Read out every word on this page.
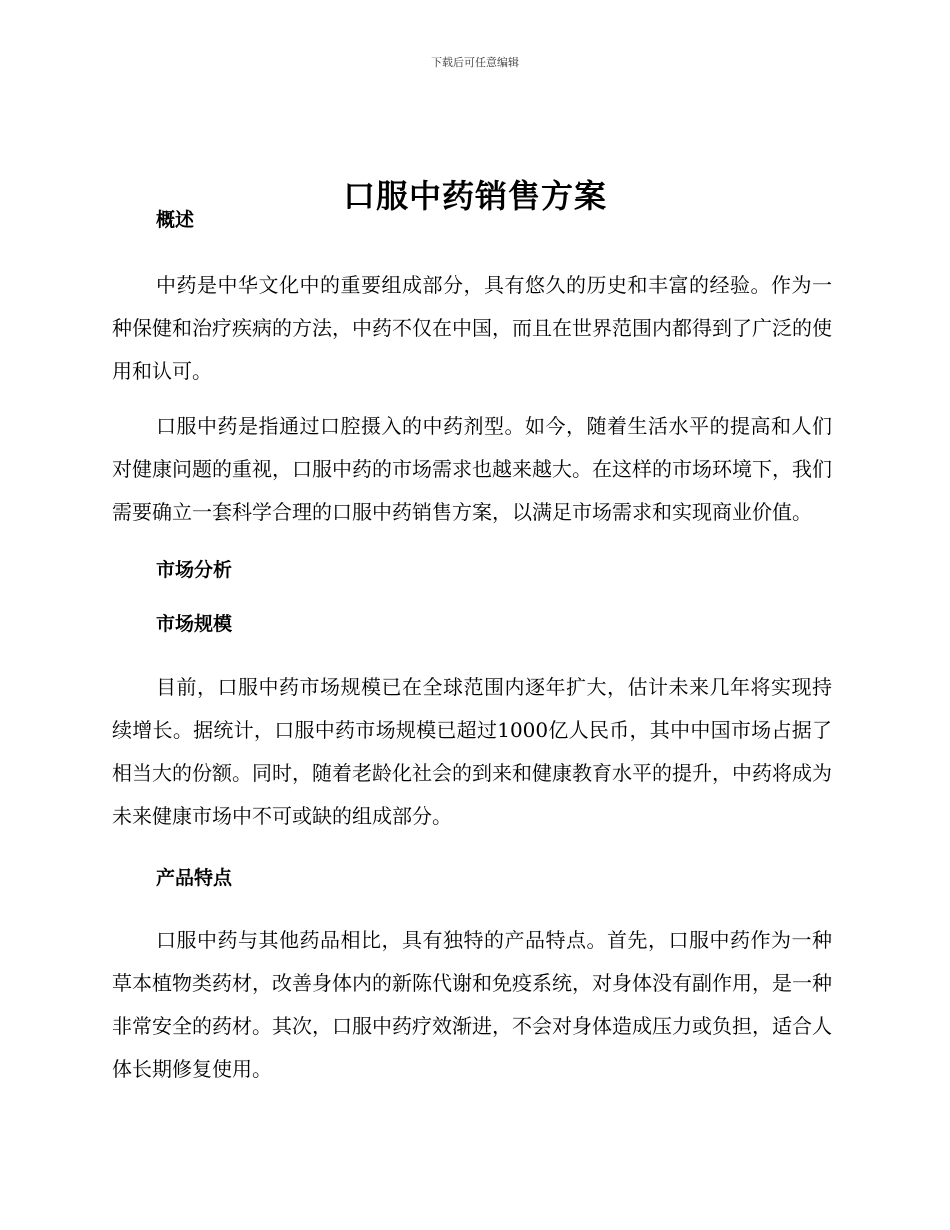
下载后可任意编辑
口服中药销售方案
概述

中药是中华文化中的重要组成部分，具有悠久的历史和丰富的经验。作为一种保健和治疗疾病的方法，中药不仅在中国，而且在世界范围内都得到了广泛的使用和认可。

口服中药是指通过口腔摄入的中药剂型。如今，随着生活水平的提高和人们对健康问题的重视，口服中药的市场需求也越来越大。在这样的市场环境下，我们需要确立一套科学合理的口服中药销售方案，以满足市场需求和实现商业价值。

市场分析
市场规模

目前，口服中药市场规模已在全球范围内逐年扩大，估计未来几年将实现持续增长。据统计，口服中药市场规模已超过1000亿人民币，其中中国市场占据了相当大的份额。同时，随着老龄化社会的到来和健康教育水平的提升，中药将成为未来健康市场中不可或缺的组成部分。

产品特点

口服中药与其他药品相比，具有独特的产品特点。首先，口服中药作为一种草本植物类药材，改善身体内的新陈代谢和免疫系统，对身体没有副作用，是一种非常安全的药材。其次，口服中药疗效渐进，不会对身体造成压力或负担，适合人体长期修复使用。
